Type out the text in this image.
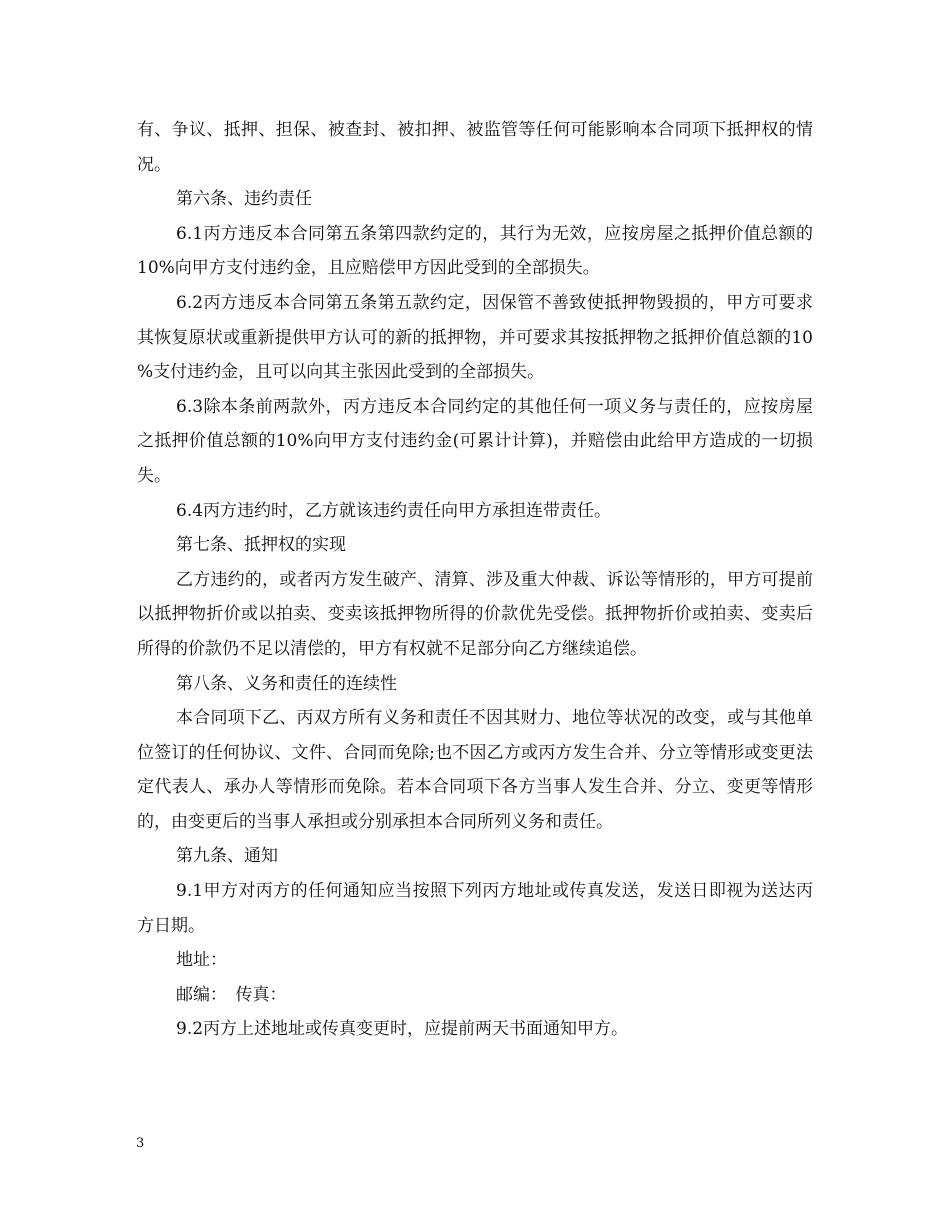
有、争议、抵押、担保、被查封、被扣押、被监管等任何可能影响本合同项下抵押权的情况。

第六条、违约责任

6.1丙方违反本合同第五条第四款约定的，其行为无效，应按房屋之抵押价值总额的10%向甲方支付违约金，且应赔偿甲方因此受到的全部损失。

6.2丙方违反本合同第五条第五款约定，因保管不善致使抵押物毁损的，甲方可要求其恢复原状或重新提供甲方认可的新的抵押物，并可要求其按抵押物之抵押价值总额的10 %支付违约金，且可以向其主张因此受到的全部损失。

6.3除本条前两款外，丙方违反本合同约定的其他任何一项义务与责任的，应按房屋之抵押价值总额的10%向甲方支付违约金(可累计计算)，并赔偿由此给甲方造成的一切损失。

6.4丙方违约时，乙方就该违约责任向甲方承担连带责任。

第七条、抵押权的实现

乙方违约的，或者丙方发生破产、清算、涉及重大仲裁、诉讼等情形的，甲方可提前以抵押物折价或以拍卖、变卖该抵押物所得的价款优先受偿。抵押物折价或拍卖、变卖后所得的价款仍不足以清偿的，甲方有权就不足部分向乙方继续追偿。

第八条、义务和责任的连续性

本合同项下乙、丙双方所有义务和责任不因其财力、地位等状况的改变，或与其他单位签订的任何协议、文件、合同而免除;也不因乙方或丙方发生合并、分立等情形或变更法定代表人、承办人等情形而免除。若本合同项下各方当事人发生合并、分立、变更等情形的，由变更后的当事人承担或分别承担本合同所列义务和责任。

第九条、通知

9.1甲方对丙方的任何通知应当按照下列丙方地址或传真发送，发送日即视为送达丙方日期。

地址：

邮编：　传真：

9.2丙方上述地址或传真变更时，应提前两天书面通知甲方。

3
